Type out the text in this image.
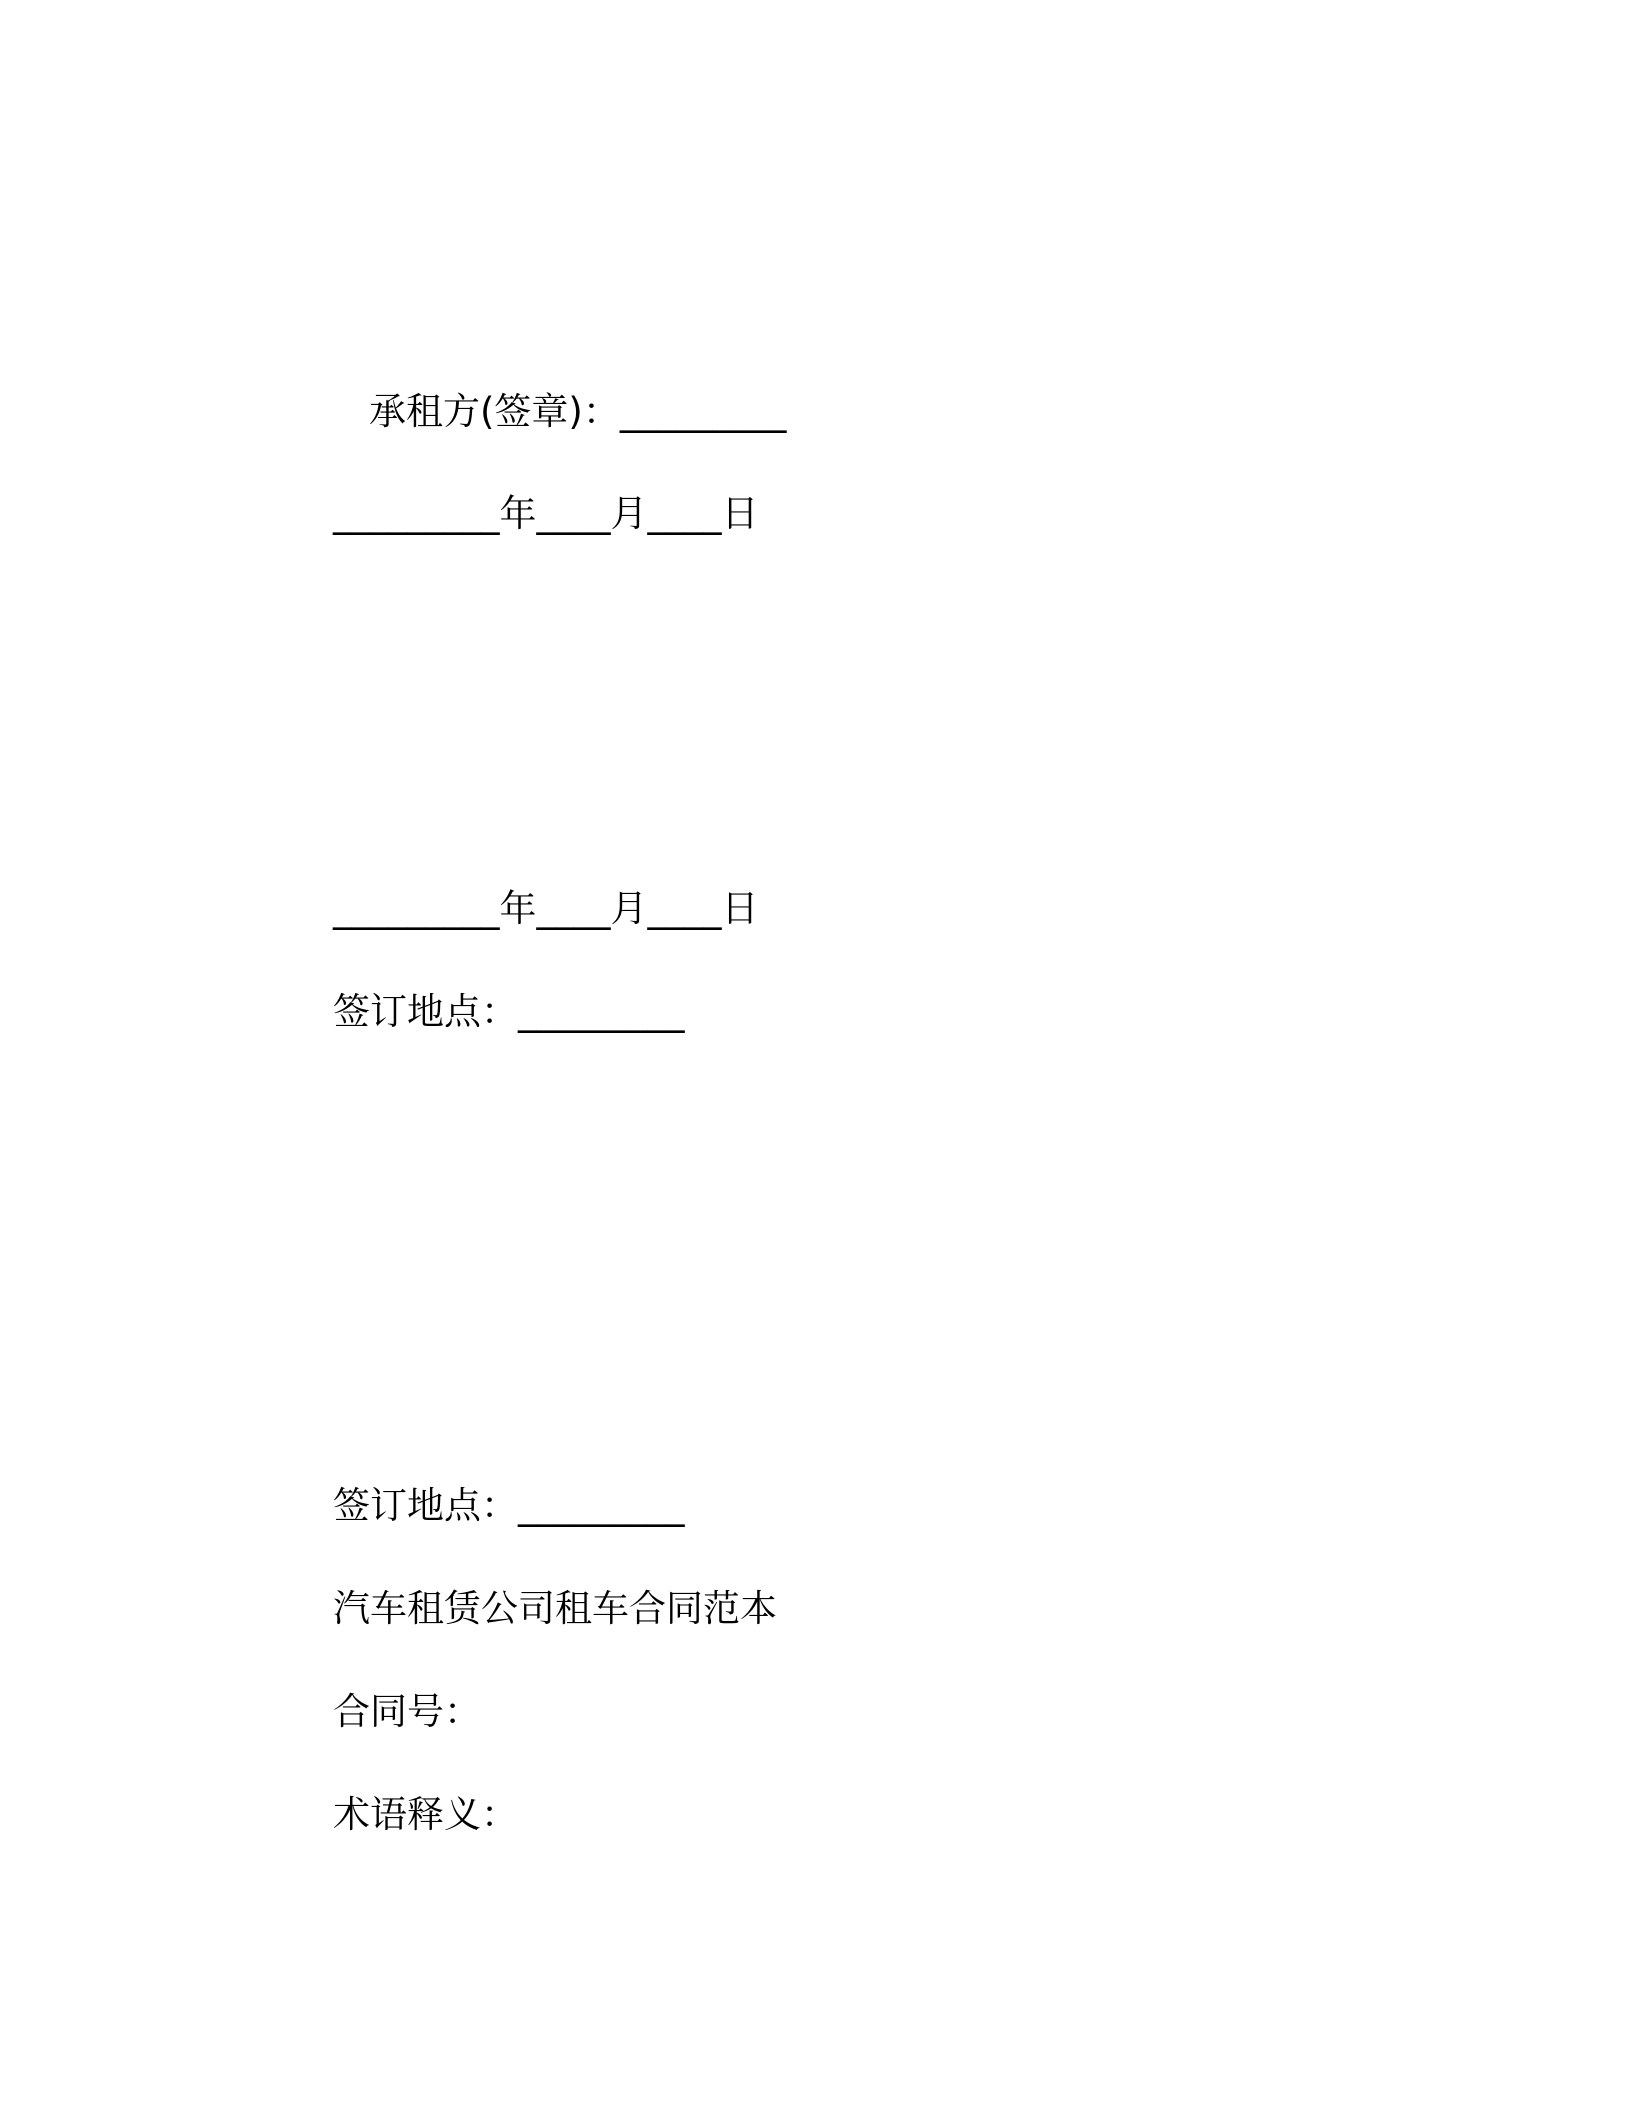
承租方(签章)：_________

_________年____月____日

_________年____月____日

签订地点：_________

签订地点：_________

汽车租赁公司租车合同范本

合同号：

术语释义：
